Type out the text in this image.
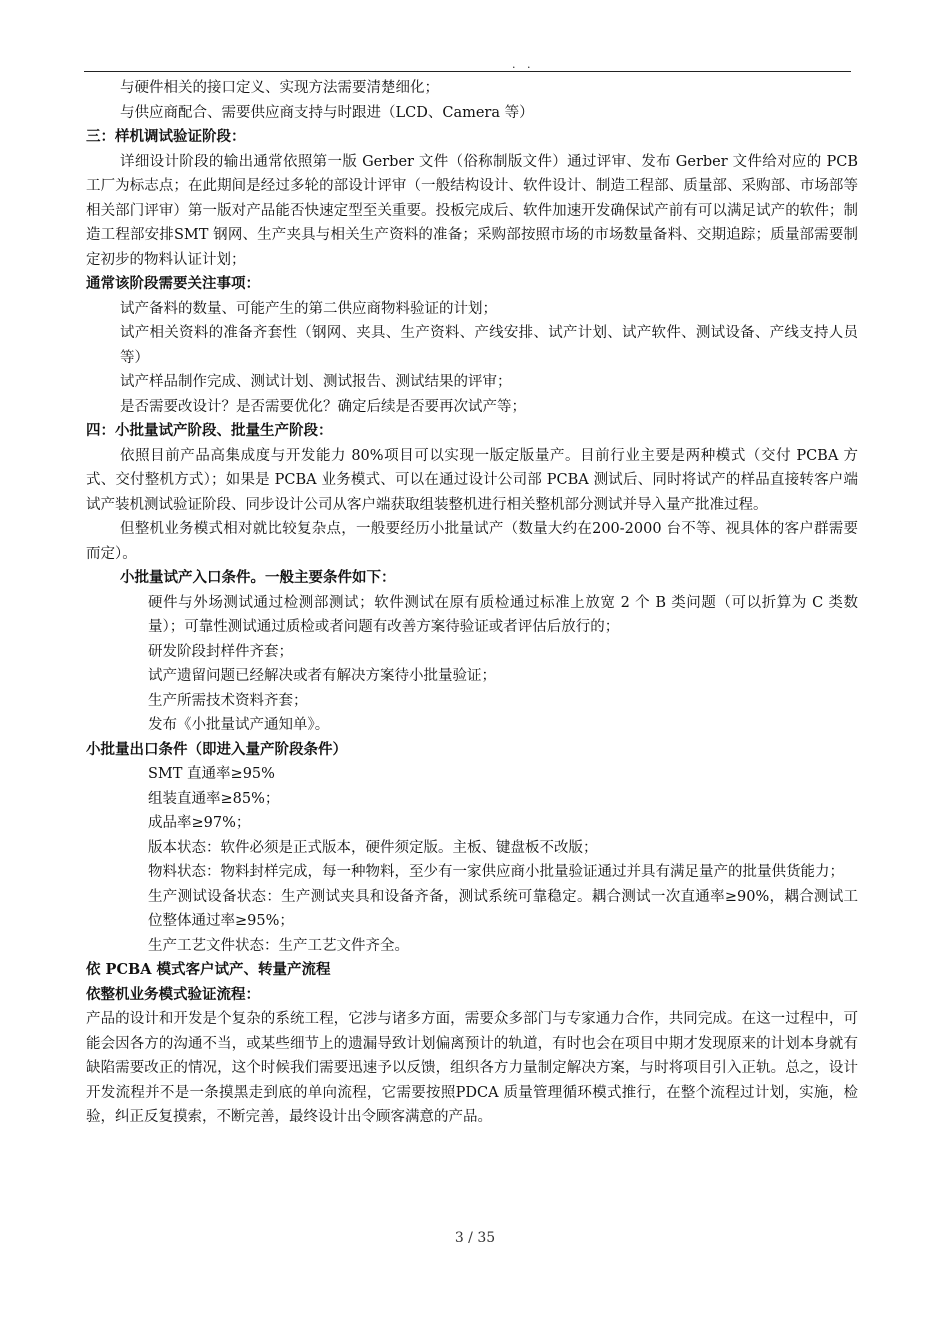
. .

与硬件相关的接口定义、实现方法需要清楚细化；

与供应商配合、需要供应商支持与时跟进（LCD、Camera 等）

三：样机调试验证阶段：

详细设计阶段的输出通常依照第一版 Gerber 文件（俗称制版文件）通过评审、发布 Gerber 文件给对应的 PCB 工厂为标志点；在此期间是经过多轮的部设计评审（一般结构设计、软件设计、制造工程部、质量部、采购部、市场部等相关部门评审）第一版对产品能否快速定型至关重要。投板完成后、软件加速开发确保试产前有可以满足试产的软件；制造工程部安排SMT 钢网、生产夹具与相关生产资料的准备；采购部按照市场的市场数量备料、交期追踪；质量部需要制定初步的物料认证计划；

通常该阶段需要关注事项：

试产备料的数量、可能产生的第二供应商物料验证的计划；

试产相关资料的准备齐套性（钢网、夹具、生产资料、产线安排、试产计划、试产软件、测试设备、产线支持人员等）

试产样品制作完成、测试计划、测试报告、测试结果的评审；

是否需要改设计？是否需要优化？确定后续是否要再次试产等；

四：小批量试产阶段、批量生产阶段：

依照目前产品高集成度与开发能力 80%项目可以实现一版定版量产。目前行业主要是两种模式（交付 PCBA 方式、交付整机方式）；如果是 PCBA 业务模式、可以在通过设计公司部 PCBA 测试后、同时将试产的样品直接转客户端试产装机测试验证阶段、同步设计公司从客户端获取组装整机进行相关整机部分测试并导入量产批准过程。

但整机业务模式相对就比较复杂点，一般要经历小批量试产（数量大约在200-2000 台不等、视具体的客户群需要而定）。

小批量试产入口条件。一般主要条件如下：

硬件与外场测试通过检测部测试；软件测试在原有质检通过标准上放宽 2 个 B 类问题（可以折算为 C 类数量）；可靠性测试通过质检或者问题有改善方案待验证或者评估后放行的；

研发阶段封样件齐套；

试产遗留问题已经解决或者有解决方案待小批量验证；

生产所需技术资料齐套；

发布《小批量试产通知单》。

小批量出口条件（即进入量产阶段条件）

SMT 直通率≥95%

组装直通率≥85%；

成品率≥97%；

版本状态：软件必须是正式版本，硬件须定版。主板、键盘板不改版；

物料状态：物料封样完成，每一种物料，至少有一家供应商小批量验证通过并具有满足量产的批量供货能力；

生产测试设备状态：生产测试夹具和设备齐备，测试系统可靠稳定。耦合测试一次直通率≥90%，耦合测试工位整体通过率≥95%；

生产工艺文件状态：生产工艺文件齐全。

依 PCBA 模式客户试产、转量产流程

依整机业务模式验证流程：

产品的设计和开发是个复杂的系统工程，它涉与诸多方面，需要众多部门与专家通力合作，共同完成。在这一过程中，可能会因各方的沟通不当，或某些细节上的遗漏导致计划偏离预计的轨道，有时也会在项目中期才发现原来的计划本身就有缺陷需要改正的情况，这个时候我们需要迅速予以反馈，组织各方力量制定解决方案，与时将项目引入正轨。总之，设计开发流程并不是一条摸黑走到底的单向流程，它需要按照PDCA 质量管理循环模式推行，在整个流程过计划，实施，检验，纠正反复摸索，不断完善，最终设计出令顾客满意的产品。

3 / 35
